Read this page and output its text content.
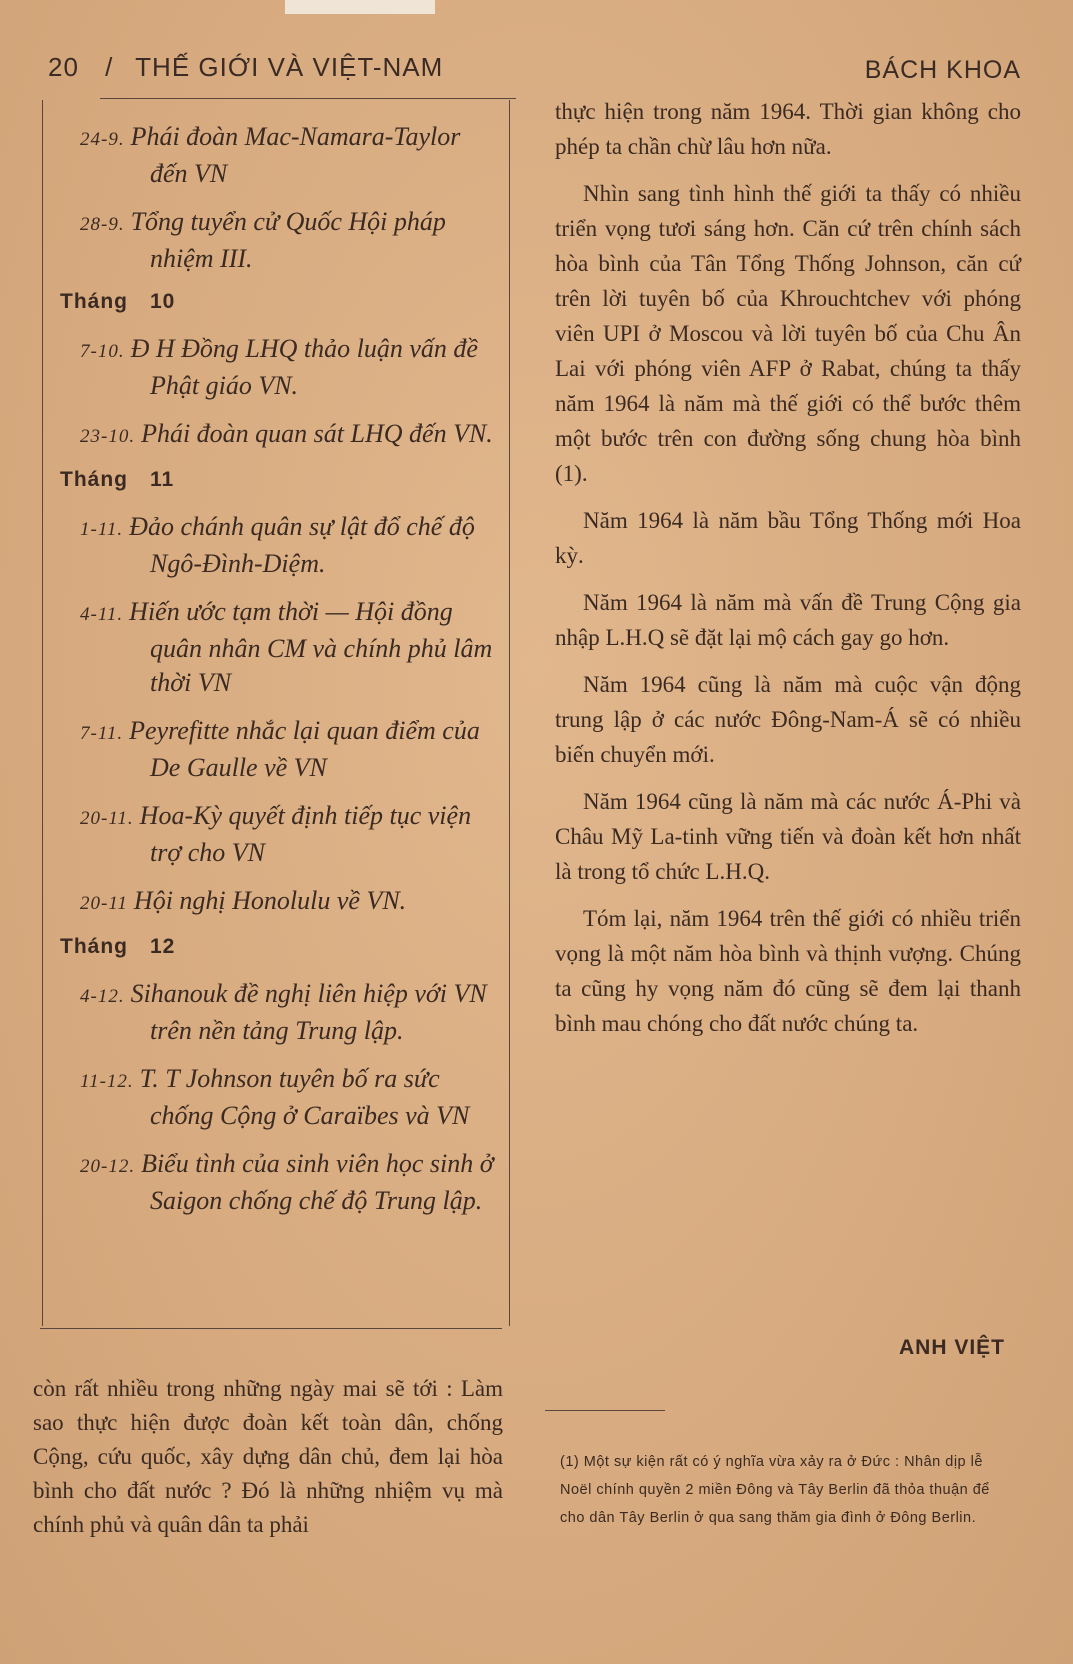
20 / THẾ GIỚI VÀ VIỆT-NAM	BÁCH KHOA
24-9. Phái đoàn Mac-Namara-Taylor đến VN
28-9. Tổng tuyển cử Quốc Hội pháp nhiệm III.
Tháng 10
7-10. Đ H Đồng LHQ thảo luận vấn đề Phật giáo VN.
23-10. Phái đoàn quan sát LHQ đến VN.
Tháng 11
1-11. Đảo chánh quân sự lật đổ chế độ Ngô-Đình-Diệm.
4-11. Hiến ước tạm thời — Hội đồng quân nhân CM và chính phủ lâm thời VN
7-11. Peyrefitte nhắc lại quan điểm của De Gaulle về VN
20-11. Hoa-Kỳ quyết định tiếp tục viện trợ cho VN
20-11 Hội nghị Honolulu về VN.
Tháng 12
4-12. Sihanouk đề nghị liên hiệp với VN trên nền tảng Trung lập.
11-12. T. T Johnson tuyên bố ra sức chống Cộng ở Caraïbes và VN
20-12. Biểu tình của sinh viên học sinh ở Saigon chống chế độ Trung lập.
còn rất nhiều trong những ngày mai sẽ tới : Làm sao thực hiện được đoàn kết toàn dân, chống Cộng, cứu quốc, xây dựng dân chủ, đem lại hòa bình cho đất nước ? Đó là những nhiệm vụ mà chính phủ và quân dân ta phải

thực hiện trong năm 1964. Thời gian không cho phép ta chần chừ lâu hơn nữa.

Nhìn sang tình hình thế giới ta thấy có nhiều triển vọng tươi sáng hơn. Căn cứ trên chính sách hòa bình của Tân Tổng Thống Johnson, căn cứ trên lời tuyên bố của Khrouchtchev với phóng viên UPI ở Moscou và lời tuyên bố của Chu Ân Lai với phóng viên AFP ở Rabat, chúng ta thấy năm 1964 là năm mà thế giới có thể bước thêm một bước trên con đường sống chung hòa bình (1).

Năm 1964 là năm bầu Tổng Thống mới Hoa kỳ.

Năm 1964 là năm mà vấn đề Trung Cộng gia nhập L.H.Q sẽ đặt lại mộ cách gay go hơn.

Năm 1964 cũng là năm mà cuộc vận động trung lập ở các nước Đông-Nam-Á sẽ có nhiều biến chuyển mới.

Năm 1964 cũng là năm mà các nước Á-Phi và Châu Mỹ La-tinh vững tiến và đoàn kết hơn nhất là trong tổ chức L.H.Q.

Tóm lại, năm 1964 trên thế giới có nhiều triển vọng là một năm hòa bình và thịnh vượng. Chúng ta cũng hy vọng năm đó cũng sẽ đem lại thanh bình mau chóng cho đất nước chúng ta.

ANH VIỆT
(1) Một sự kiện rất có ý nghĩa vừa xảy ra ở Đức : Nhân dịp lễ Noël chính quyền 2 miền Đông và Tây Berlin đã thỏa thuận để cho dân Tây Berlin ở qua sang thăm gia đình ở Đông Berlin.
